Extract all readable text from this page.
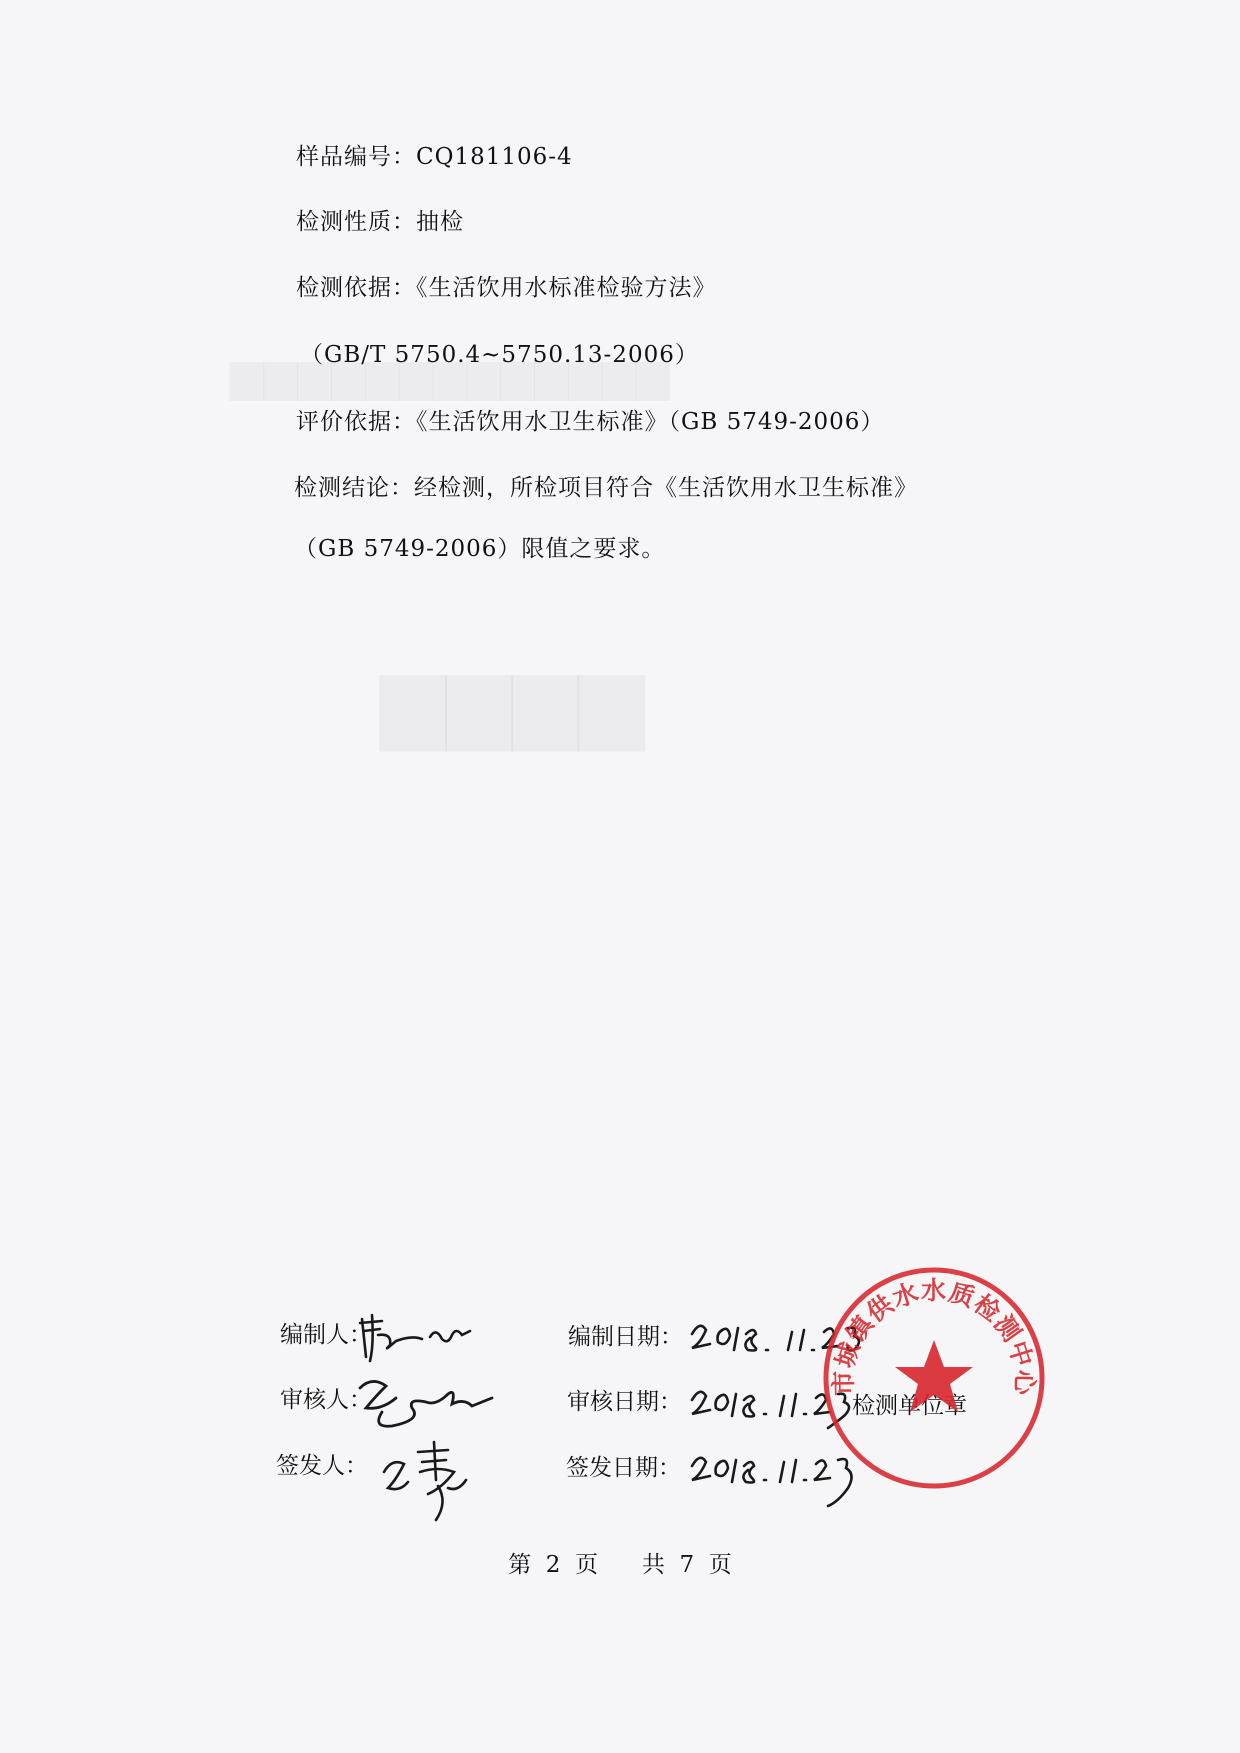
样品编号：CQ181106-4
检测性质：抽检
检测依据：《生活饮用水标准检验方法》
（GB/T 5750.4~5750.13-2006）
评价依据：《生活饮用水卫生标准》（GB 5749-2006）
检测结论：经检测，所检项目符合《生活饮用水卫生标准》
（GB 5749-2006）限值之要求。
编制人：	编制日期：
审核人：	审核日期：	检测单位章
签发人：	签发日期：
市城镇供水水质检测中心
第  2  页      共  7  页
